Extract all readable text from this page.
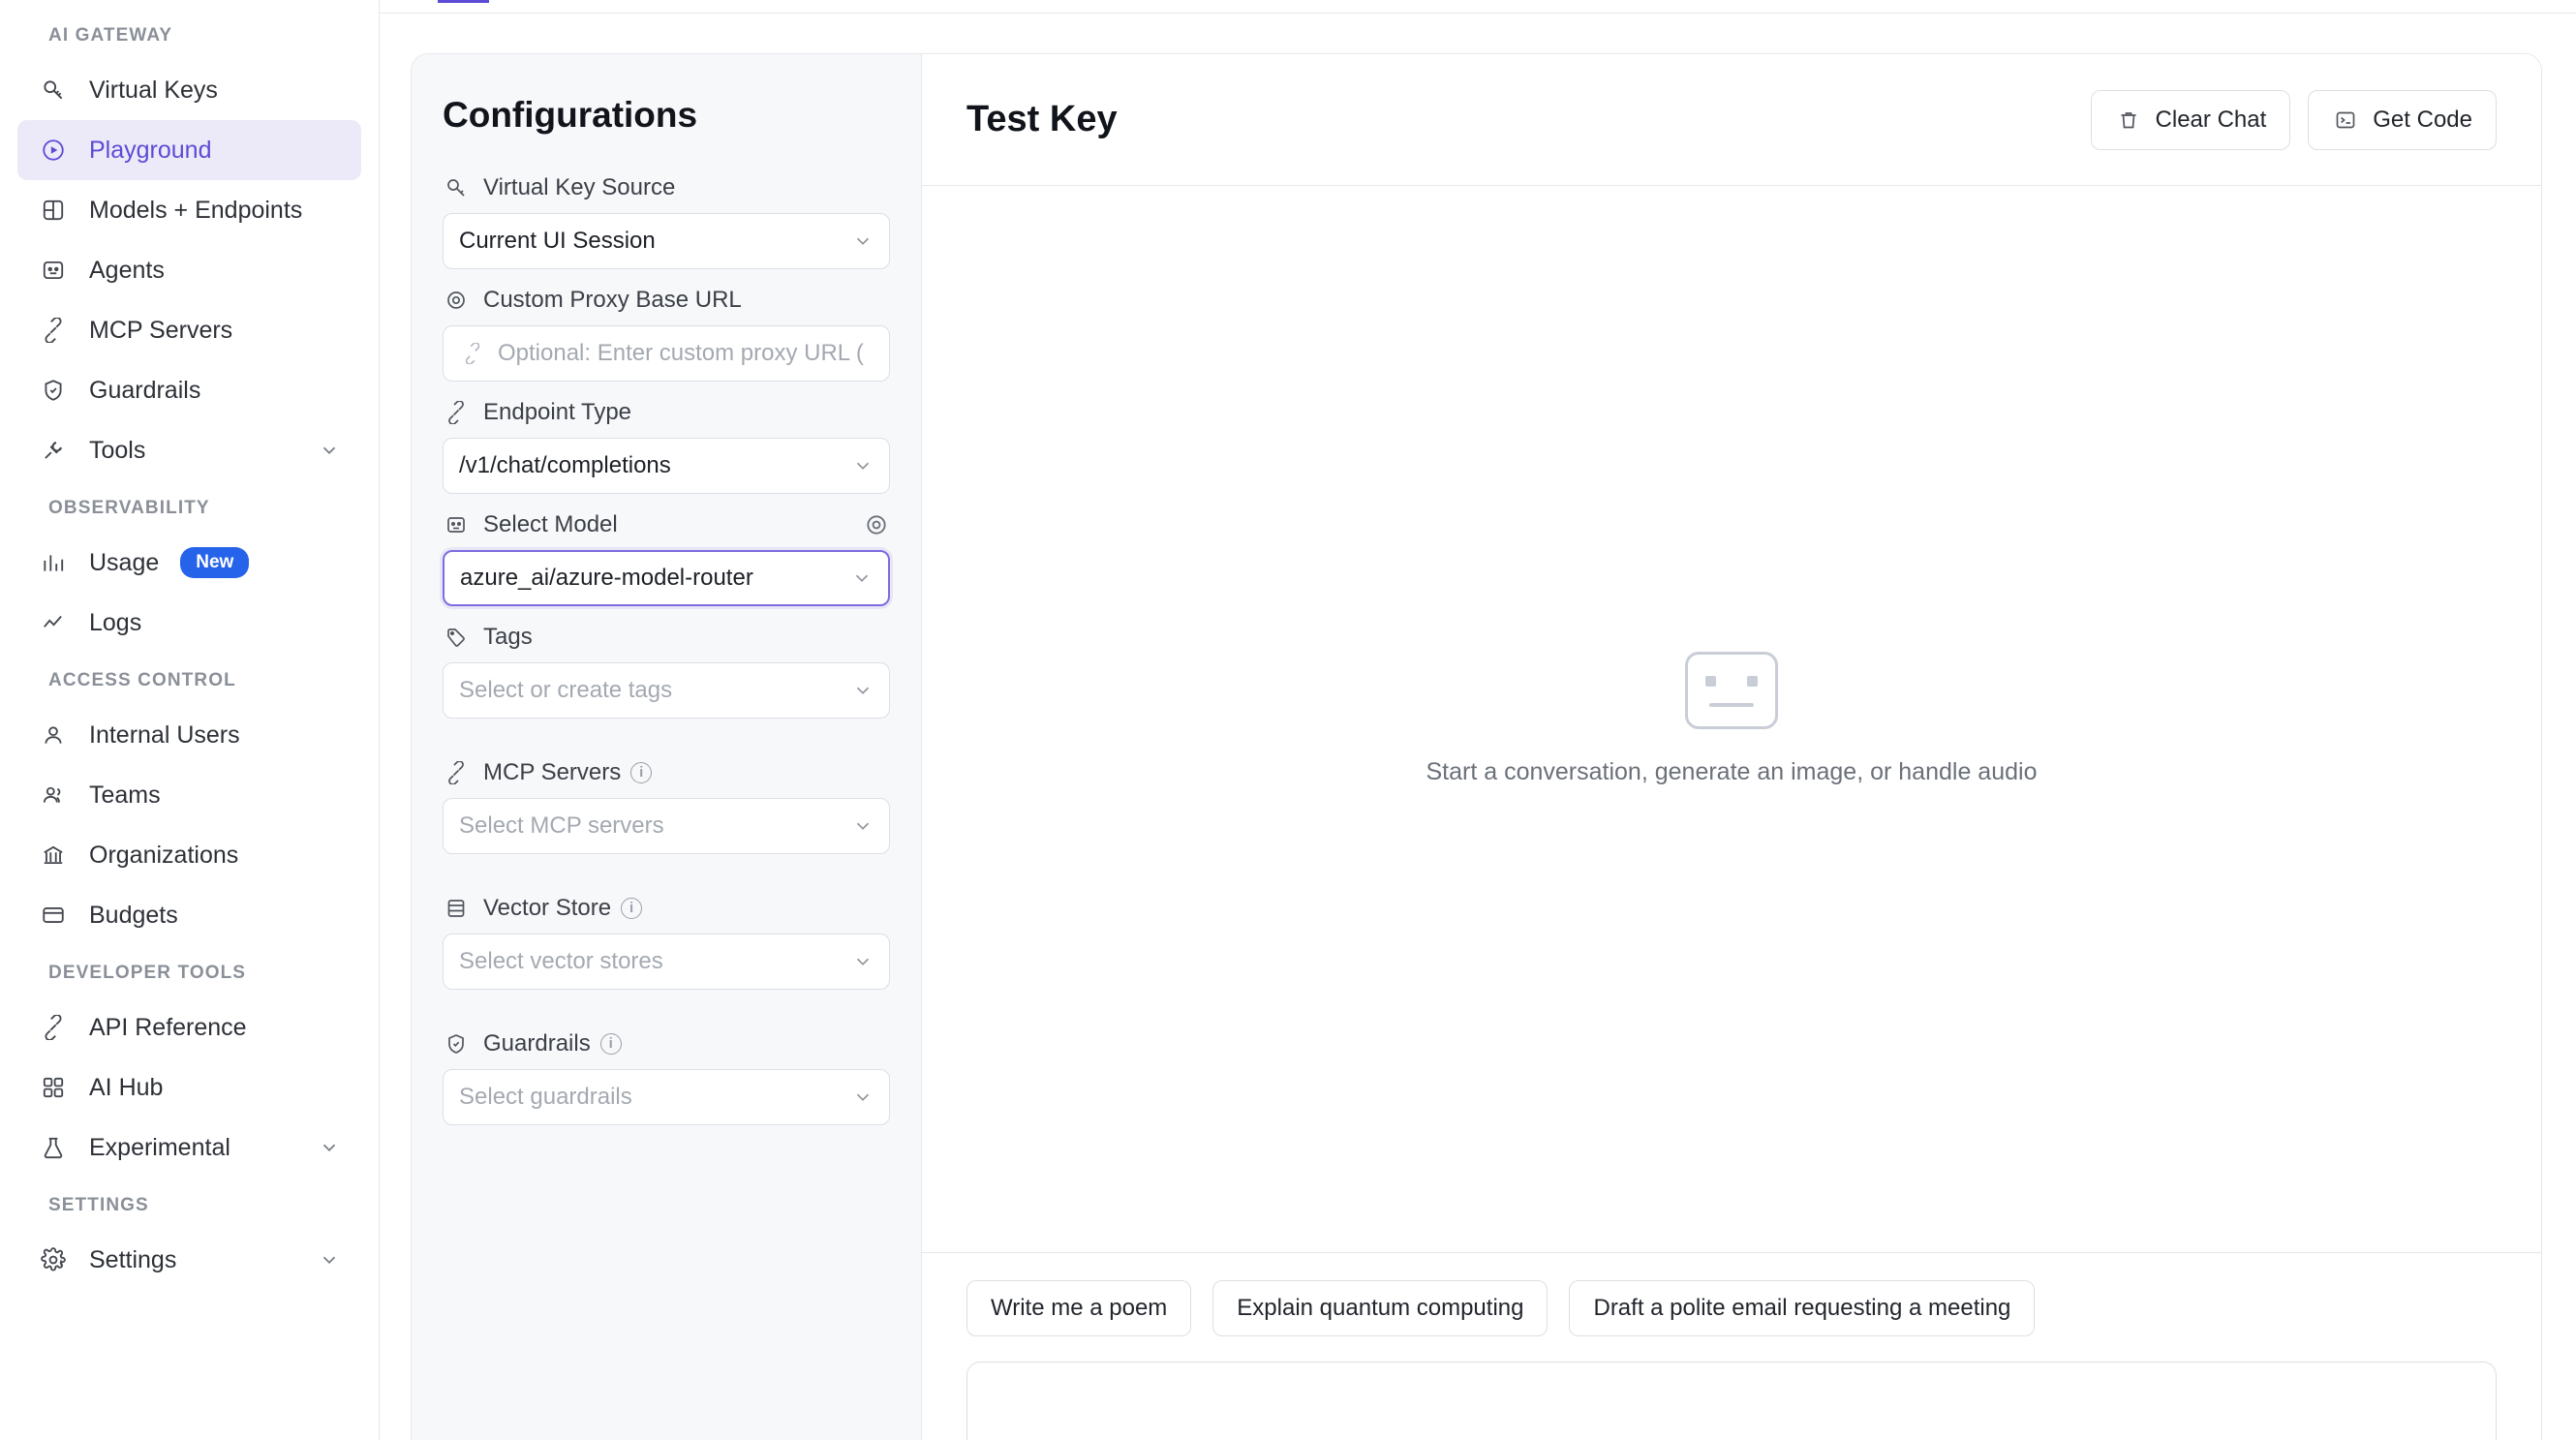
AI GATEWAY
Virtual Keys
Playground
Models + Endpoints
Agents
MCP Servers
Guardrails
Tools
OBSERVABILITY
Usage	New
Logs
ACCESS CONTROL
Internal Users
Teams
Organizations
Budgets
DEVELOPER TOOLS
API Reference
AI Hub
Experimental
SETTINGS
Settings
Configurations
Virtual Key Source
Current UI Session
Custom Proxy Base URL
Optional: Enter custom proxy URL (
Endpoint Type
/v1/chat/completions
Select Model
azure_ai/azure-model-router
Tags
Select or create tags
MCP Servers	i
Select MCP servers
Vector Store	i
Select vector stores
Guardrails	i
Select guardrails
Test Key	Clear Chat	Get Code
Start a conversation, generate an image, or handle audio
Write me a poem	Explain quantum computing	Draft a polite email requesting a meeting
